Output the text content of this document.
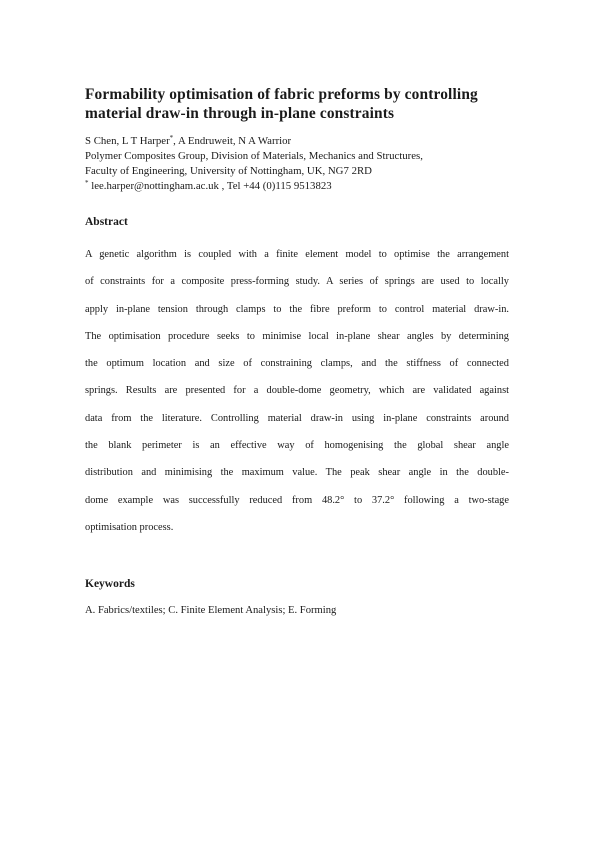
Formability optimisation of fabric preforms by controlling
material draw-in through in-plane constraints
S Chen, L T Harper*, A Endruweit, N A Warrior
Polymer Composites Group, Division of Materials, Mechanics and Structures,
Faculty of Engineering, University of Nottingham, UK, NG7 2RD
* lee.harper@nottingham.ac.uk , Tel +44 (0)115 9513823
Abstract
A genetic algorithm is coupled with a finite element model to optimise the arrangement
of constraints for a composite press-forming study. A series of springs are used to locally
apply in-plane tension through clamps to the fibre preform to control material draw-in.
The optimisation procedure seeks to minimise local in-plane shear angles by determining
the optimum location and size of constraining clamps, and the stiffness of connected
springs. Results are presented for a double-dome geometry, which are validated against
data from the literature. Controlling material draw-in using in-plane constraints around
the blank perimeter is an effective way of homogenising the global shear angle
distribution and minimising the maximum value. The peak shear angle in the double-
dome example was successfully reduced from 48.2° to 37.2° following a two-stage
optimisation process.
Keywords
A. Fabrics/textiles; C. Finite Element Analysis; E. Forming
